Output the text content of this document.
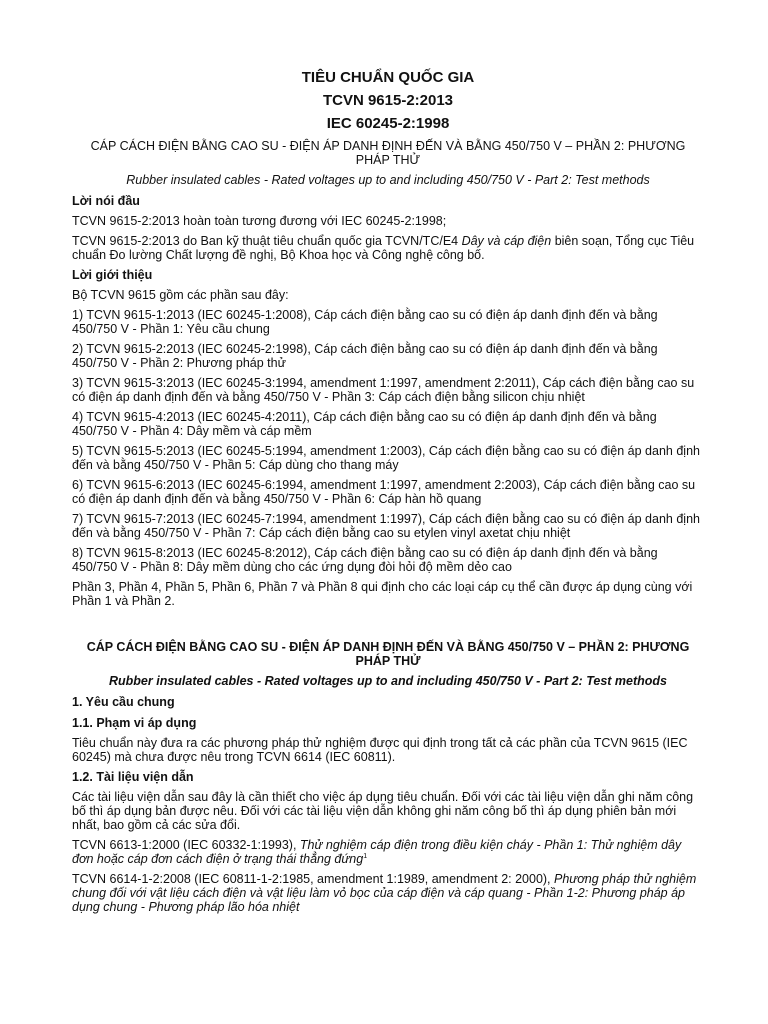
TIÊU CHUẨN QUỐC GIA
TCVN 9615-2:2013
IEC 60245-2:1998
CÁP CÁCH ĐIỆN BẰNG CAO SU - ĐIỆN ÁP DANH ĐỊNH ĐẾN VÀ BẰNG 450/750 V – PHẦN 2: PHƯƠNG PHÁP THỬ
Rubber insulated cables - Rated voltages up to and including 450/750 V - Part 2: Test methods
Lời nói đầu

TCVN 9615-2:2013 hoàn toàn tương đương với IEC 60245-2:1998;

TCVN 9615-2:2013 do Ban kỹ thuật tiêu chuẩn quốc gia TCVN/TC/E4 Dây và cáp điện biên soạn, Tổng cục Tiêu chuẩn Đo lường Chất lượng đề nghị, Bộ Khoa học và Công nghệ công bố.

Lời giới thiệu

Bộ TCVN 9615 gồm các phần sau đây:

1) TCVN 9615-1:2013 (IEC 60245-1:2008), Cáp cách điện bằng cao su có điện áp danh định đến và bằng 450/750 V - Phần 1: Yêu cầu chung

2) TCVN 9615-2:2013 (IEC 60245-2:1998), Cáp cách điện bằng cao su có điện áp danh định đến và bằng 450/750 V - Phần 2: Phương pháp thử

3) TCVN 9615-3:2013 (IEC 60245-3:1994, amendment 1:1997, amendment 2:2011), Cáp cách điện bằng cao su có điện áp danh định đến và bằng 450/750 V - Phần 3: Cáp cách điện bằng silicon chịu nhiệt

4) TCVN 9615-4:2013 (IEC 60245-4:2011), Cáp cách điện bằng cao su có điện áp danh định đến và bằng 450/750 V - Phần 4: Dây mềm và cáp mềm

5) TCVN 9615-5:2013 (IEC 60245-5:1994, amendment 1:2003), Cáp cách điện bằng cao su có điện áp danh định đến và bằng 450/750 V - Phần 5: Cáp dùng cho thang máy

6) TCVN 9615-6:2013 (IEC 60245-6:1994, amendment 1:1997, amendment 2:2003), Cáp cách điện bằng cao su có điện áp danh định đến và bằng 450/750 V - Phần 6: Cáp hàn hồ quang

7) TCVN 9615-7:2013 (IEC 60245-7:1994, amendment 1:1997), Cáp cách điện bằng cao su có điện áp danh định đến và bằng 450/750 V - Phần 7: Cáp cách điện bằng cao su etylen vinyl axetat chịu nhiệt

8) TCVN 9615-8:2013 (IEC 60245-8:2012), Cáp cách điện bằng cao su có điện áp danh định đến và bằng 450/750 V - Phần 8: Dây mềm dùng cho các ứng dụng đòi hỏi độ mềm dẻo cao

Phần 3, Phần 4, Phần 5, Phần 6, Phần 7 và Phần 8 qui định cho các loại cáp cụ thể cần được áp dụng cùng với Phần 1 và Phần 2.

CÁP CÁCH ĐIỆN BẰNG CAO SU - ĐIỆN ÁP DANH ĐỊNH ĐẾN VÀ BẰNG 450/750 V – PHẦN 2: PHƯƠNG PHÁP THỬ
Rubber insulated cables - Rated voltages up to and including 450/750 V - Part 2: Test methods
1. Yêu cầu chung
1.1. Phạm vi áp dụng

Tiêu chuẩn này đưa ra các phương pháp thử nghiệm được qui định trong tất cả các phần của TCVN 9615 (IEC 60245) mà chưa được nêu trong TCVN 6614 (IEC 60811).

1.2. Tài liệu viện dẫn

Các tài liệu viện dẫn sau đây là cần thiết cho việc áp dụng tiêu chuẩn. Đối với các tài liệu viện dẫn ghi năm công bố thì áp dụng bản được nêu. Đối với các tài liệu viện dẫn không ghi năm công bố thì áp dụng phiên bản mới nhất, bao gồm cả các sửa đổi.

TCVN 6613-1:2000 (IEC 60332-1:1993), Thử nghiệm cáp điện trong điều kiện cháy - Phần 1: Thử nghiệm dây đơn hoặc cáp đơn cách điện ở trạng thái thẳng đứng$^1$

TCVN 6614-1-2:2008 (IEC 60811-1-2:1985, amendment 1:1989, amendment 2: 2000), Phương pháp thử nghiệm chung đối với vật liệu cách điện và vật liệu làm vỏ bọc của cáp điện và cáp quang - Phần 1-2: Phương pháp áp dụng chung - Phương pháp lão hóa nhiệt
